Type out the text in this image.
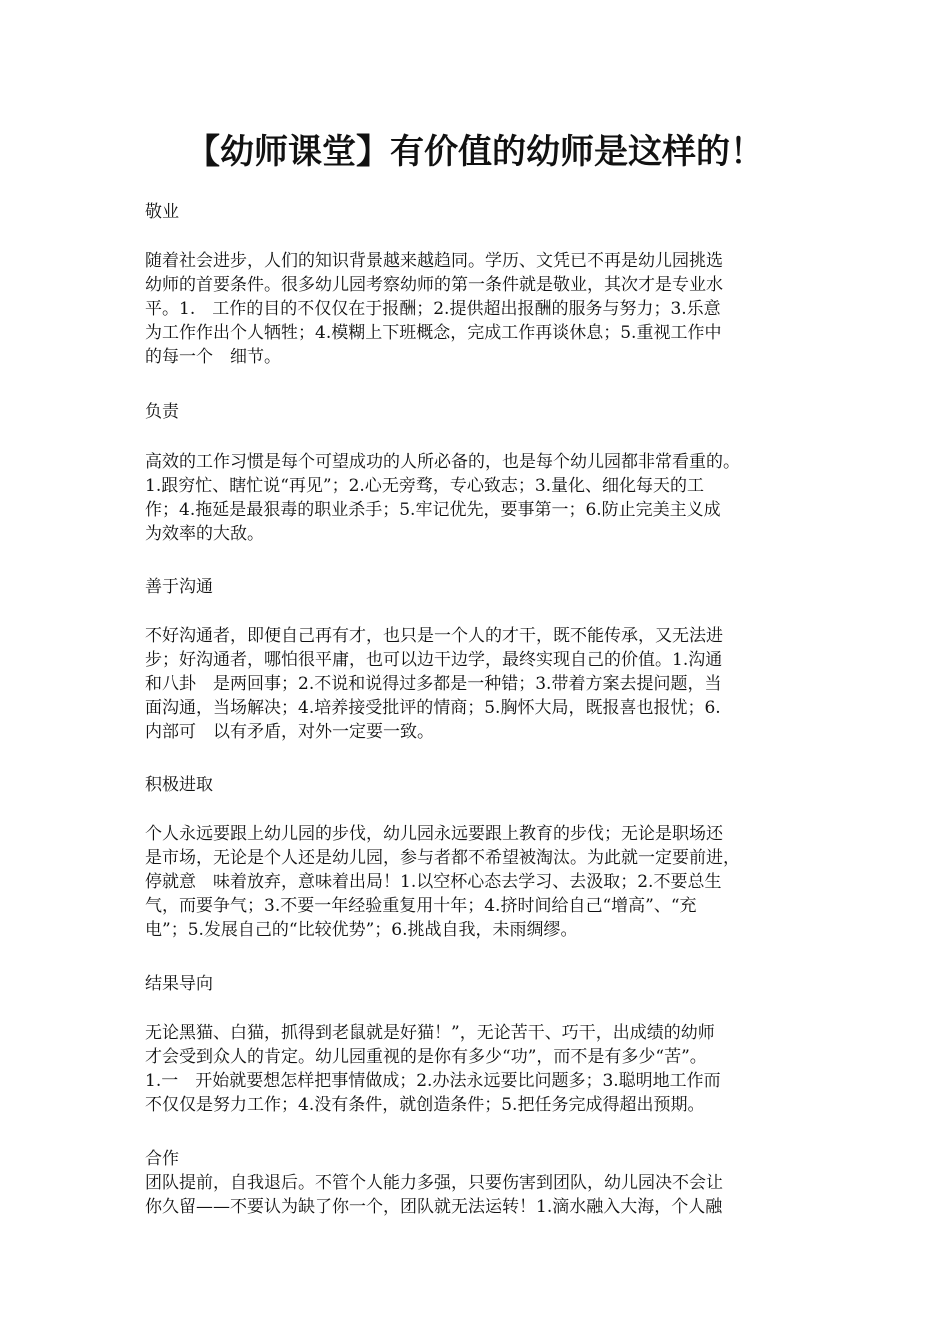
【幼师课堂】有价值的幼师是这样的！

敬业

随着社会进步，人们的知识背景越来越趋同。学历、文凭已不再是幼儿园挑选
幼师的首要条件。很多幼儿园考察幼师的第一条件就是敬业，其次才是专业水
平。1.　工作的目的不仅仅在于报酬；2.提供超出报酬的服务与努力；3.乐意
为工作作出个人牺牲；4.模糊上下班概念，完成工作再谈休息；5.重视工作中
的每一个　细节。

负责

高效的工作习惯是每个可望成功的人所必备的，也是每个幼儿园都非常看重的。
1.跟穷忙、瞎忙说“再见”；2.心无旁骛，专心致志；3.量化、细化每天的工
作；4.拖延是最狠毒的职业杀手；5.牢记优先，要事第一；6.防止完美主义成
为效率的大敌。

善于沟通

不好沟通者，即便自己再有才，也只是一个人的才干，既不能传承，又无法进
步；好沟通者，哪怕很平庸，也可以边干边学，最终实现自己的价值。1.沟通
和八卦　是两回事；2.不说和说得过多都是一种错；3.带着方案去提问题，当
面沟通，当场解决；4.培养接受批评的情商；5.胸怀大局，既报喜也报忧；6.
内部可　以有矛盾，对外一定要一致。

积极进取

个人永远要跟上幼儿园的步伐，幼儿园永远要跟上教育的步伐；无论是职场还
是市场，无论是个人还是幼儿园，参与者都不希望被淘汰。为此就一定要前进，
停就意　味着放弃，意味着出局！1.以空杯心态去学习、去汲取；2.不要总生
气，而要争气；3.不要一年经验重复用十年；4.挤时间给自己“增高”、“充
电”；5.发展自己的“比较优势”；6.挑战自我，未雨绸缪。

结果导向

无论黑猫、白猫，抓得到老鼠就是好猫！”，无论苦干、巧干，出成绩的幼师
才会受到众人的肯定。幼儿园重视的是你有多少“功”，而不是有多少“苦”。
1.一　开始就要想怎样把事情做成；2.办法永远要比问题多；3.聪明地工作而
不仅仅是努力工作；4.没有条件，就创造条件；5.把任务完成得超出预期。

合作

团队提前，自我退后。不管个人能力多强，只要伤害到团队，幼儿园决不会让
你久留——不要认为缺了你一个，团队就无法运转！1.滴水融入大海，个人融
